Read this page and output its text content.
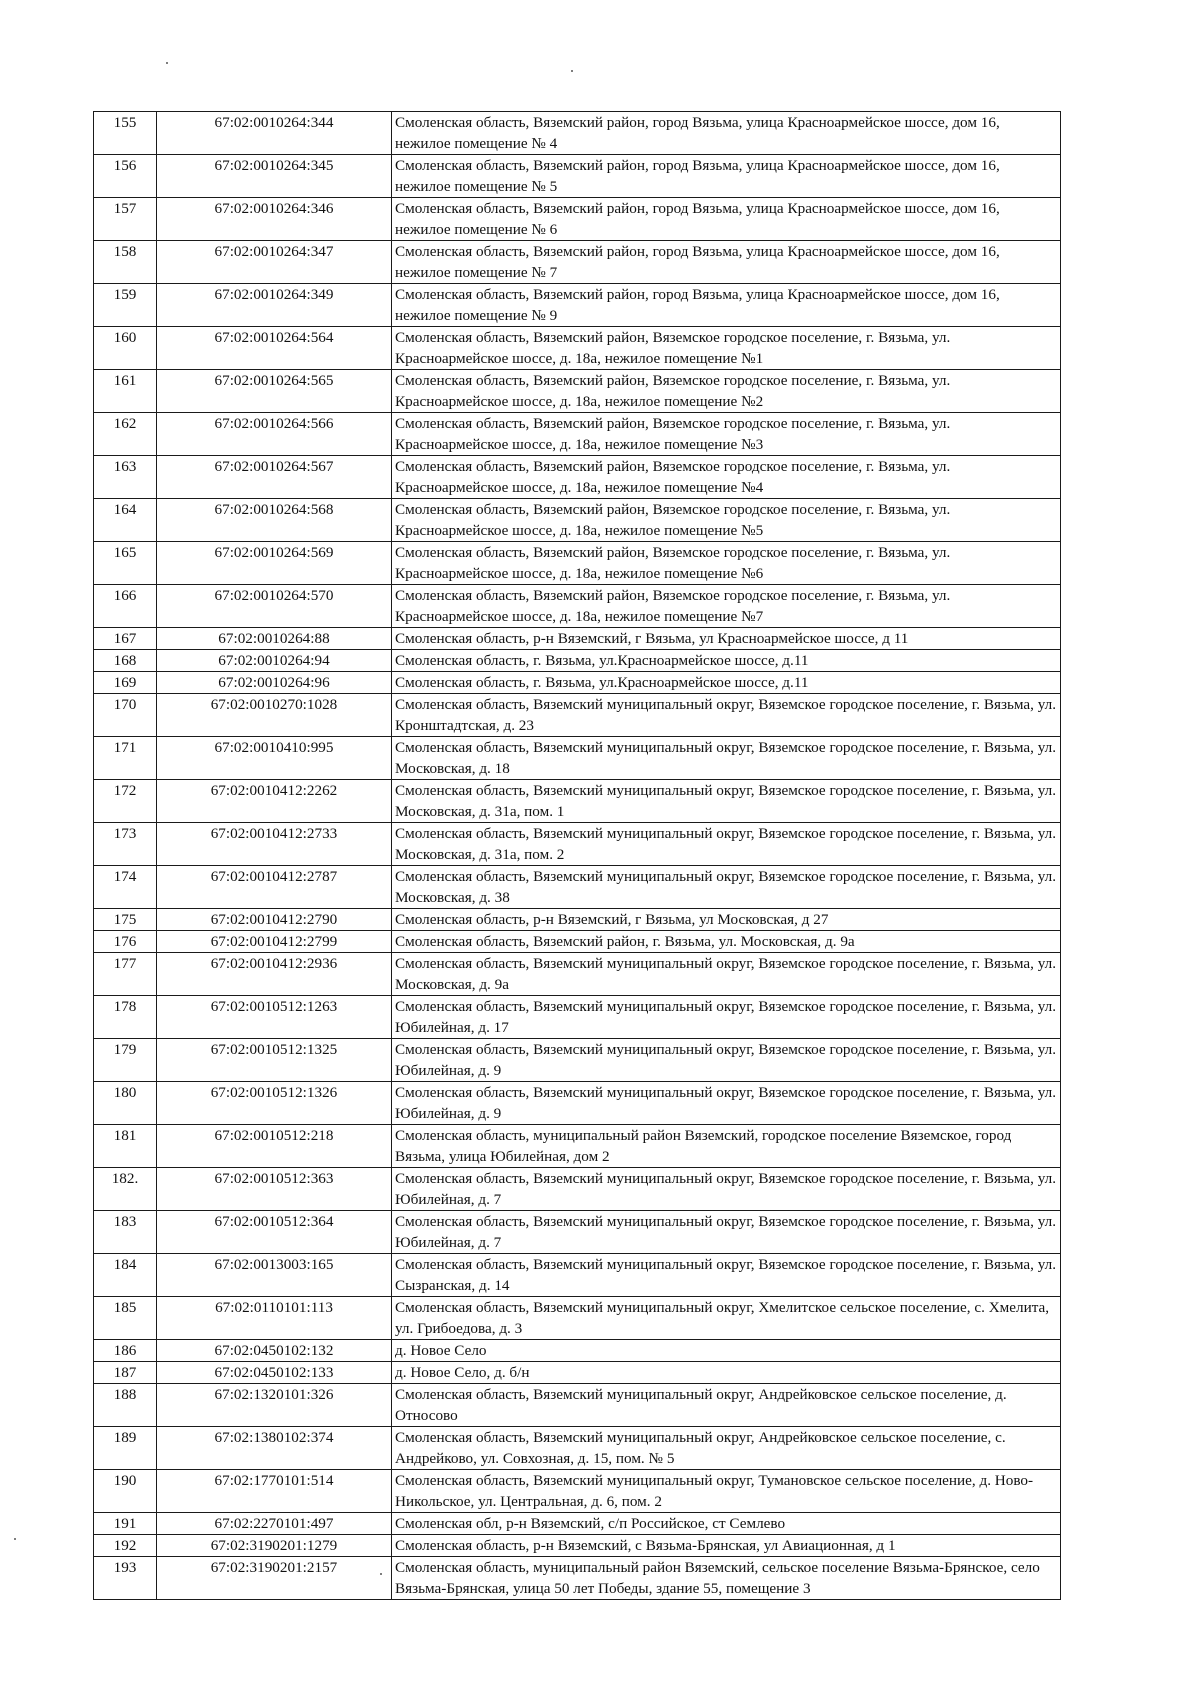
155	67:02:0010264:344	Смоленская область, Вяземский район, город Вязьма, улица Красноармейское шоссе, дом 16, нежилое помещение № 4
156	67:02:0010264:345	Смоленская область, Вяземский район, город Вязьма, улица Красноармейское шоссе, дом 16, нежилое помещение № 5
157	67:02:0010264:346	Смоленская область, Вяземский район, город Вязьма, улица Красноармейское шоссе, дом 16, нежилое помещение № 6
158	67:02:0010264:347	Смоленская область, Вяземский район, город Вязьма, улица Красноармейское шоссе, дом 16, нежилое помещение № 7
159	67:02:0010264:349	Смоленская область, Вяземский район, город Вязьма, улица Красноармейское шоссе, дом 16, нежилое помещение № 9
160	67:02:0010264:564	Смоленская область, Вяземский район, Вяземское городское поселение, г. Вязьма, ул. Красноармейское шоссе, д. 18а, нежилое помещение №1
161	67:02:0010264:565	Смоленская область, Вяземский район, Вяземское городское поселение, г. Вязьма, ул. Красноармейское шоссе, д. 18а, нежилое помещение №2
162	67:02:0010264:566	Смоленская область, Вяземский район, Вяземское городское поселение, г. Вязьма, ул. Красноармейское шоссе, д. 18а, нежилое помещение №3
163	67:02:0010264:567	Смоленская область, Вяземский район, Вяземское городское поселение, г. Вязьма, ул. Красноармейское шоссе, д. 18а, нежилое помещение №4
164	67:02:0010264:568	Смоленская область, Вяземский район, Вяземское городское поселение, г. Вязьма, ул. Красноармейское шоссе, д. 18а, нежилое помещение №5
165	67:02:0010264:569	Смоленская область, Вяземский район, Вяземское городское поселение, г. Вязьма, ул. Красноармейское шоссе, д. 18а, нежилое помещение №6
166	67:02:0010264:570	Смоленская область, Вяземский район, Вяземское городское поселение, г. Вязьма, ул. Красноармейское шоссе, д. 18а, нежилое помещение №7
167	67:02:0010264:88	Смоленская область, р-н Вяземский, г Вязьма, ул Красноармейское шоссе, д 11
168	67:02:0010264:94	Смоленская область, г. Вязьма, ул.Красноармейское шоссе, д.11
169	67:02:0010264:96	Смоленская область, г. Вязьма, ул.Красноармейское шоссе, д.11
170	67:02:0010270:1028	Смоленская область, Вяземский муниципальный округ, Вяземское городское поселение, г. Вязьма, ул. Кронштадтская, д. 23
171	67:02:0010410:995	Смоленская область, Вяземский муниципальный округ, Вяземское городское поселение, г. Вязьма, ул. Московская, д. 18
172	67:02:0010412:2262	Смоленская область, Вяземский муниципальный округ, Вяземское городское поселение, г. Вязьма, ул. Московская, д. 31а, пом. 1
173	67:02:0010412:2733	Смоленская область, Вяземский муниципальный округ, Вяземское городское поселение, г. Вязьма, ул. Московская, д. 31а, пом. 2
174	67:02:0010412:2787	Смоленская область, Вяземский муниципальный округ, Вяземское городское поселение, г. Вязьма, ул. Московская, д. 38
175	67:02:0010412:2790	Смоленская область, р-н Вяземский, г Вязьма, ул Московская, д 27
176	67:02:0010412:2799	Смоленская область, Вяземский район, г. Вязьма, ул. Московская, д. 9а
177	67:02:0010412:2936	Смоленская область, Вяземский муниципальный округ, Вяземское городское поселение, г. Вязьма, ул. Московская, д. 9а
178	67:02:0010512:1263	Смоленская область, Вяземский муниципальный округ, Вяземское городское поселение, г. Вязьма, ул. Юбилейная, д. 17
179	67:02:0010512:1325	Смоленская область, Вяземский муниципальный округ, Вяземское городское поселение, г. Вязьма, ул. Юбилейная, д. 9
180	67:02:0010512:1326	Смоленская область, Вяземский муниципальный округ, Вяземское городское поселение, г. Вязьма, ул. Юбилейная, д. 9
181	67:02:0010512:218	Смоленская область, муниципальный район Вяземский, городское поселение Вяземское, город Вязьма, улица Юбилейная, дом 2
182.	67:02:0010512:363	Смоленская область, Вяземский муниципальный округ, Вяземское городское поселение, г. Вязьма, ул. Юбилейная, д. 7
183	67:02:0010512:364	Смоленская область, Вяземский муниципальный округ, Вяземское городское поселение, г. Вязьма, ул. Юбилейная, д. 7
184	67:02:0013003:165	Смоленская область, Вяземский муниципальный округ, Вяземское городское поселение, г. Вязьма, ул. Сызранская, д. 14
185	67:02:0110101:113	Смоленская область, Вяземский муниципальный округ, Хмелитское сельское поселение, с. Хмелита, ул. Грибоедова, д. 3
186	67:02:0450102:132	д. Новое Село
187	67:02:0450102:133	д. Новое Село, д. б/н
188	67:02:1320101:326	Смоленская область, Вяземский муниципальный округ, Андрейковское сельское поселение, д. Относово
189	67:02:1380102:374	Смоленская область, Вяземский муниципальный округ, Андрейковское сельское поселение, с. Андрейково, ул. Совхозная, д. 15, пом. № 5
190	67:02:1770101:514	Смоленская область, Вяземский муниципальный округ, Тумановское сельское поселение, д. Ново-Никольское, ул. Центральная, д. 6, пом. 2
191	67:02:2270101:497	Смоленская обл, р-н Вяземский, с/п Российское, ст Семлево
192	67:02:3190201:1279	Смоленская область, р-н Вяземский, с Вязьма-Брянская, ул Авиационная, д 1
193	67:02:3190201:2157	Смоленская область, муниципальный район Вяземский, сельское поселение Вязьма-Брянское, село Вязьма-Брянская, улица 50 лет Победы, здание 55, помещение 3
